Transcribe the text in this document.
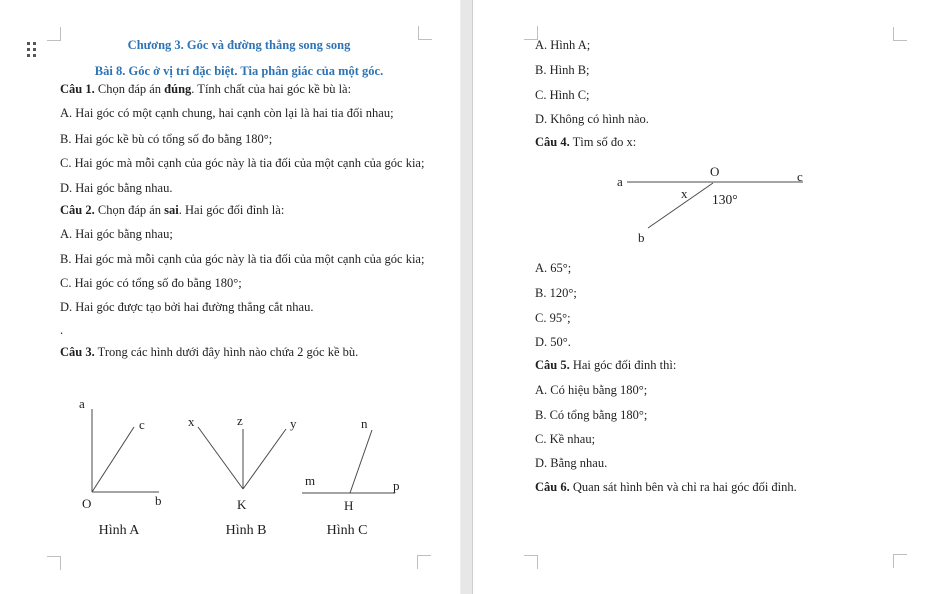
Chương 3. Góc và đường thẳng song song

Bài 8. Góc ở vị trí đặc biệt. Tia phân giác của một góc.

Câu 1. Chọn đáp án đúng. Tính chất của hai góc kề bù là:

A. Hai góc có một cạnh chung, hai cạnh còn lại là hai tia đối nhau;

B. Hai góc kề bù có tổng số đo bằng 180°;

C. Hai góc mà mỗi cạnh của góc này là tia đối của một cạnh của góc kia;

D. Hai góc bằng nhau.

Câu 2. Chọn đáp án sai. Hai góc đối đỉnh là:

A. Hai góc bằng nhau;

B. Hai góc mà mỗi cạnh của góc này là tia đối của một cạnh của góc kia;

C. Hai góc có tổng số đo bằng 180°;

D. Hai góc được tạo bởi hai đường thẳng cắt nhau.

.

Câu 3. Trong các hình dưới đây hình nào chứa 2 góc kề bù.

a
c
b
O
Hình A
x	z	y
K
Hình B
m
n
p
H
Hình C

A. Hình A;

B. Hình B;

C. Hình C;

D. Không có hình nào.

Câu 4. Tìm số đo x:

a
O	c
b
x 130°

A. 65°;

B. 120°;

C. 95°;

D. 50°.

Câu 5. Hai góc đối đỉnh thì:

A. Có hiệu bằng 180°;

B. Có tổng bằng 180°;

C. Kề nhau;

D. Bằng nhau.

Câu 6. Quan sát hình bên và chỉ ra hai góc đối đỉnh.
